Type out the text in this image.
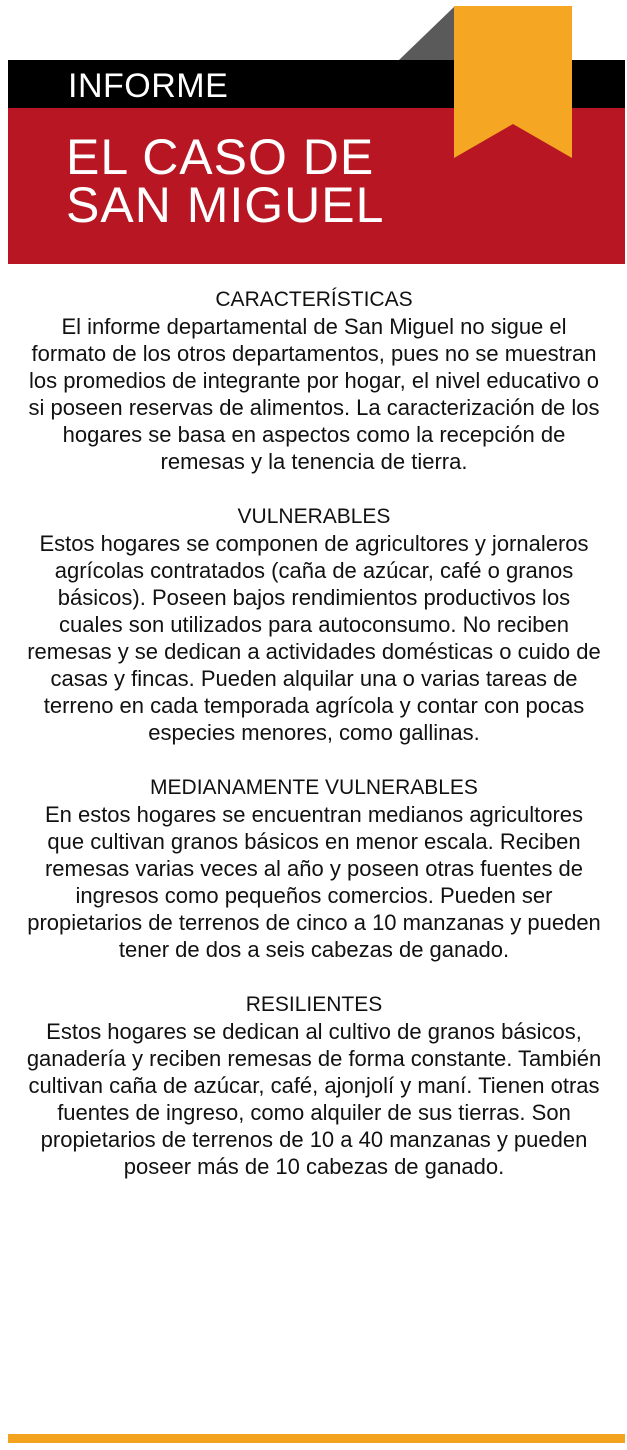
INFORME
EL CASO DE
SAN MIGUEL
CARACTERÍSTICAS

El informe departamental de San Miguel no sigue el formato de los otros departamentos, pues no se muestran los promedios de integrante por hogar, el nivel educativo o si poseen reservas de alimentos. La caracterización de los hogares se basa en aspectos como la recepción de remesas y la tenencia de tierra.

VULNERABLES

Estos hogares se componen de agricultores y jornaleros agrícolas contratados (caña de azúcar, café o granos básicos). Poseen bajos rendimientos productivos los cuales son utilizados para autoconsumo. No reciben remesas y se dedican a actividades domésticas o cuido de casas y fincas. Pueden alquilar una o varias tareas de terreno en cada temporada agrícola y contar con pocas especies menores, como gallinas.

MEDIANAMENTE VULNERABLES

En estos hogares se encuentran medianos agricultores que cultivan granos básicos en menor escala. Reciben remesas varias veces al año y poseen otras fuentes de ingresos como pequeños comercios. Pueden ser propietarios de terrenos de cinco a 10 manzanas y pueden tener de dos a seis cabezas de ganado.

RESILIENTES

Estos hogares se dedican al cultivo de granos básicos, ganadería y reciben remesas de forma constante. También cultivan caña de azúcar, café, ajonjolí y maní. Tienen otras fuentes de ingreso, como alquiler de sus tierras. Son propietarios de terrenos de 10 a 40 manzanas y pueden poseer más de 10 cabezas de ganado.
